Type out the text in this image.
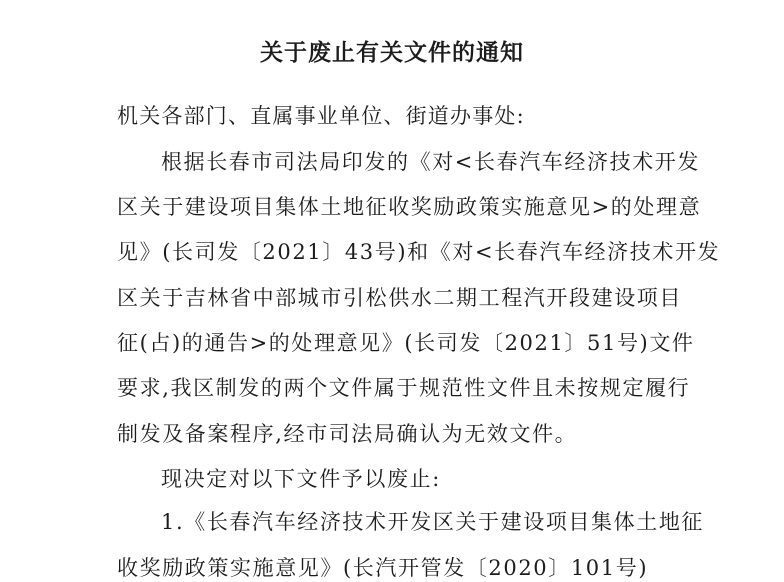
关于废止有关文件的通知
机关各部门、直属事业单位、街道办事处:
根据长春市司法局印发的《对<长春汽车经济技术开发
区关于建设项目集体土地征收奖励政策实施意见>的处理意
见》(长司发〔2021〕43号)和《对<长春汽车经济技术开发
区关于吉林省中部城市引松供水二期工程汽开段建设项目
征(占)的通告>的处理意见》(长司发〔2021〕51号)文件
要求,我区制发的两个文件属于规范性文件且未按规定履行
制发及备案程序,经市司法局确认为无效文件。
现决定对以下文件予以废止:
1.《长春汽车经济技术开发区关于建设项目集体土地征
收奖励政策实施意见》(长汽开管发〔2020〕101号)
